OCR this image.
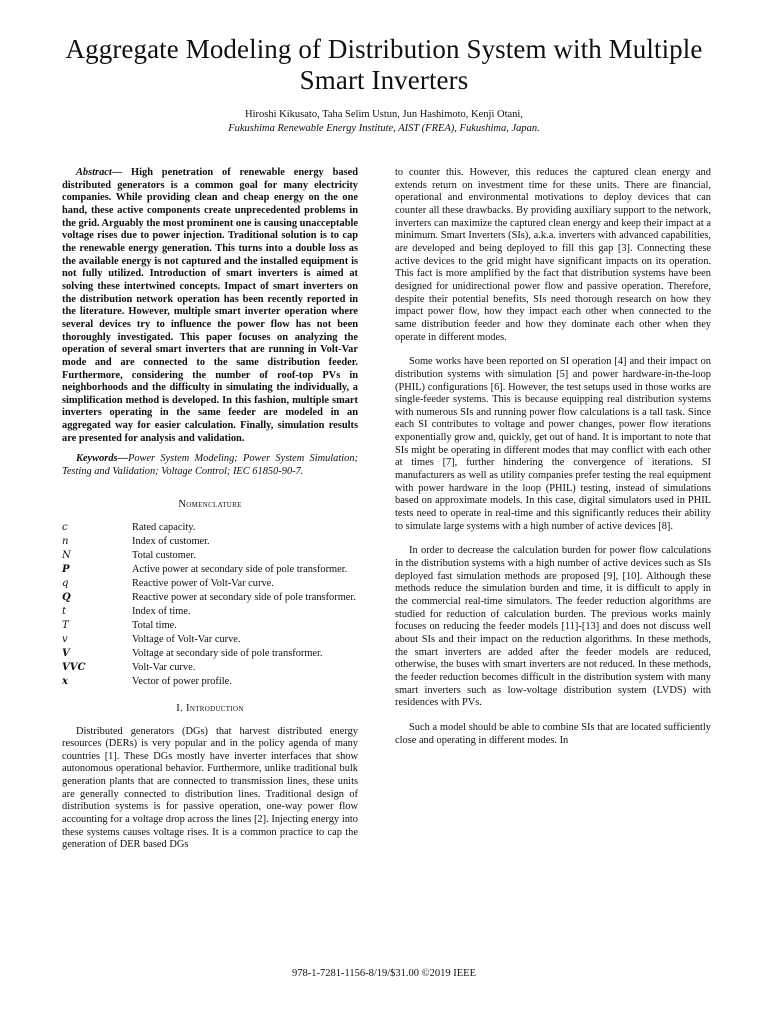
Aggregate Modeling of Distribution System with Multiple Smart Inverters
Hiroshi Kikusato, Taha Selim Ustun, Jun Hashimoto, Kenji Otani,
Fukushima Renewable Energy Institute, AIST (FREA), Fukushima, Japan.

Abstract— High penetration of renewable energy based distributed generators is a common goal for many electricity companies. While providing clean and cheap energy on the one hand, these active components create unprecedented problems in the grid. Arguably the most prominent one is causing unacceptable voltage rises due to power injection. Traditional solution is to cap the renewable energy generation. This turns into a double loss as the available energy is not captured and the installed equipment is not fully utilized. Introduction of smart inverters is aimed at solving these intertwined concepts. Impact of smart inverters on the distribution network operation has been recently reported in the literature. However, multiple smart inverter operation where several devices try to influence the power flow has not been thoroughly investigated. This paper focuses on analyzing the operation of several smart inverters that are running in Volt-Var mode and are connected to the same distribution feeder. Furthermore, considering the number of roof-top PVs in neighborhoods and the difficulty in simulating the individually, a simplification method is developed. In this fashion, multiple smart inverters operating in the same feeder are modeled in an aggregated way for easier calculation. Finally, simulation results are presented for analysis and validation.

Keywords—Power System Modeling; Power System Simulation; Testing and Validation; Voltage Control; IEC 61850-90-7.

Nomenclature
c	Rated capacity.
n	Index of customer.
N	Total customer.
P	Active power at secondary side of pole transformer.
q	Reactive power of Volt-Var curve.
Q	Reactive power at secondary side of pole transformer.
t	Index of time.
T	Total time.
v	Voltage of Volt-Var curve.
V	Voltage at secondary side of pole transformer.
VVC	Volt-Var curve.
x	Vector of power profile.
I. Introduction

Distributed generators (DGs) that harvest distributed energy resources (DERs) is very popular and in the policy agenda of many countries [1]. These DGs mostly have inverter interfaces that show autonomous operational behavior. Furthermore, unlike traditional bulk generation plants that are connected to transmission lines, these units are generally connected to distribution lines. Traditional design of distribution systems is for passive operation, one-way power flow accounting for a voltage drop across the lines [2]. Injecting energy into these systems causes voltage rises. It is a common practice to cap the generation of DER based DGs

to counter this. However, this reduces the captured clean energy and extends return on investment time for these units. There are financial, operational and environmental motivations to deploy devices that can counter all these drawbacks. By providing auxiliary support to the network, inverters can maximize the captured clean energy and keep their impact at a minimum. Smart Inverters (SIs), a.k.a. inverters with advanced capabilities, are developed and being deployed to fill this gap [3]. Connecting these active devices to the grid might have significant impacts on its operation. This fact is more amplified by the fact that distribution systems have been designed for unidirectional power flow and passive operation. Therefore, despite their potential benefits, SIs need thorough research on how they impact power flow, how they impact each other when connected to the same distribution feeder and how they dominate each other when they operate in different modes.

Some works have been reported on SI operation [4] and their impact on distribution systems with simulation [5] and power hardware-in-the-loop (PHIL) configurations [6]. However, the test setups used in those works are single-feeder systems. This is because equipping real distribution systems with numerous SIs and running power flow calculations is a tall task. Since each SI contributes to voltage and power changes, power flow iterations exponentially grow and, quickly, get out of hand. It is important to note that SIs might be operating in different modes that may conflict with each other at times [7], further hindering the convergence of iterations. SI manufacturers as well as utility companies prefer testing the real equipment with power hardware in the loop (PHIL) testing, instead of simulations based on approximate models. In this case, digital simulators used in PHIL tests need to operate in real-time and this significantly reduces their ability to simulate large systems with a high number of active devices [8].

In order to decrease the calculation burden for power flow calculations in the distribution systems with a high number of active devices such as SIs deployed fast simulation methods are proposed [9], [10]. Although these methods reduce the simulation burden and time, it is difficult to apply in the commercial real-time simulators. The feeder reduction algorithms are studied for reduction of calculation burden. The previous works mainly focuses on reducing the feeder models [11]-[13] and does not discuss well about SIs and their impact on the reduction algorithms. In these methods, the smart inverters are added after the feeder models are reduced, otherwise, the buses with smart inverters are not reduced. In these methods, the feeder reduction becomes difficult in the distribution system with many smart inverters such as low-voltage distribution system (LVDS) with residences with PVs.

Such a model should be able to combine SIs that are located sufficiently close and operating in different modes. In

978-1-7281-1156-8/19/$31.00 ©2019 IEEE
